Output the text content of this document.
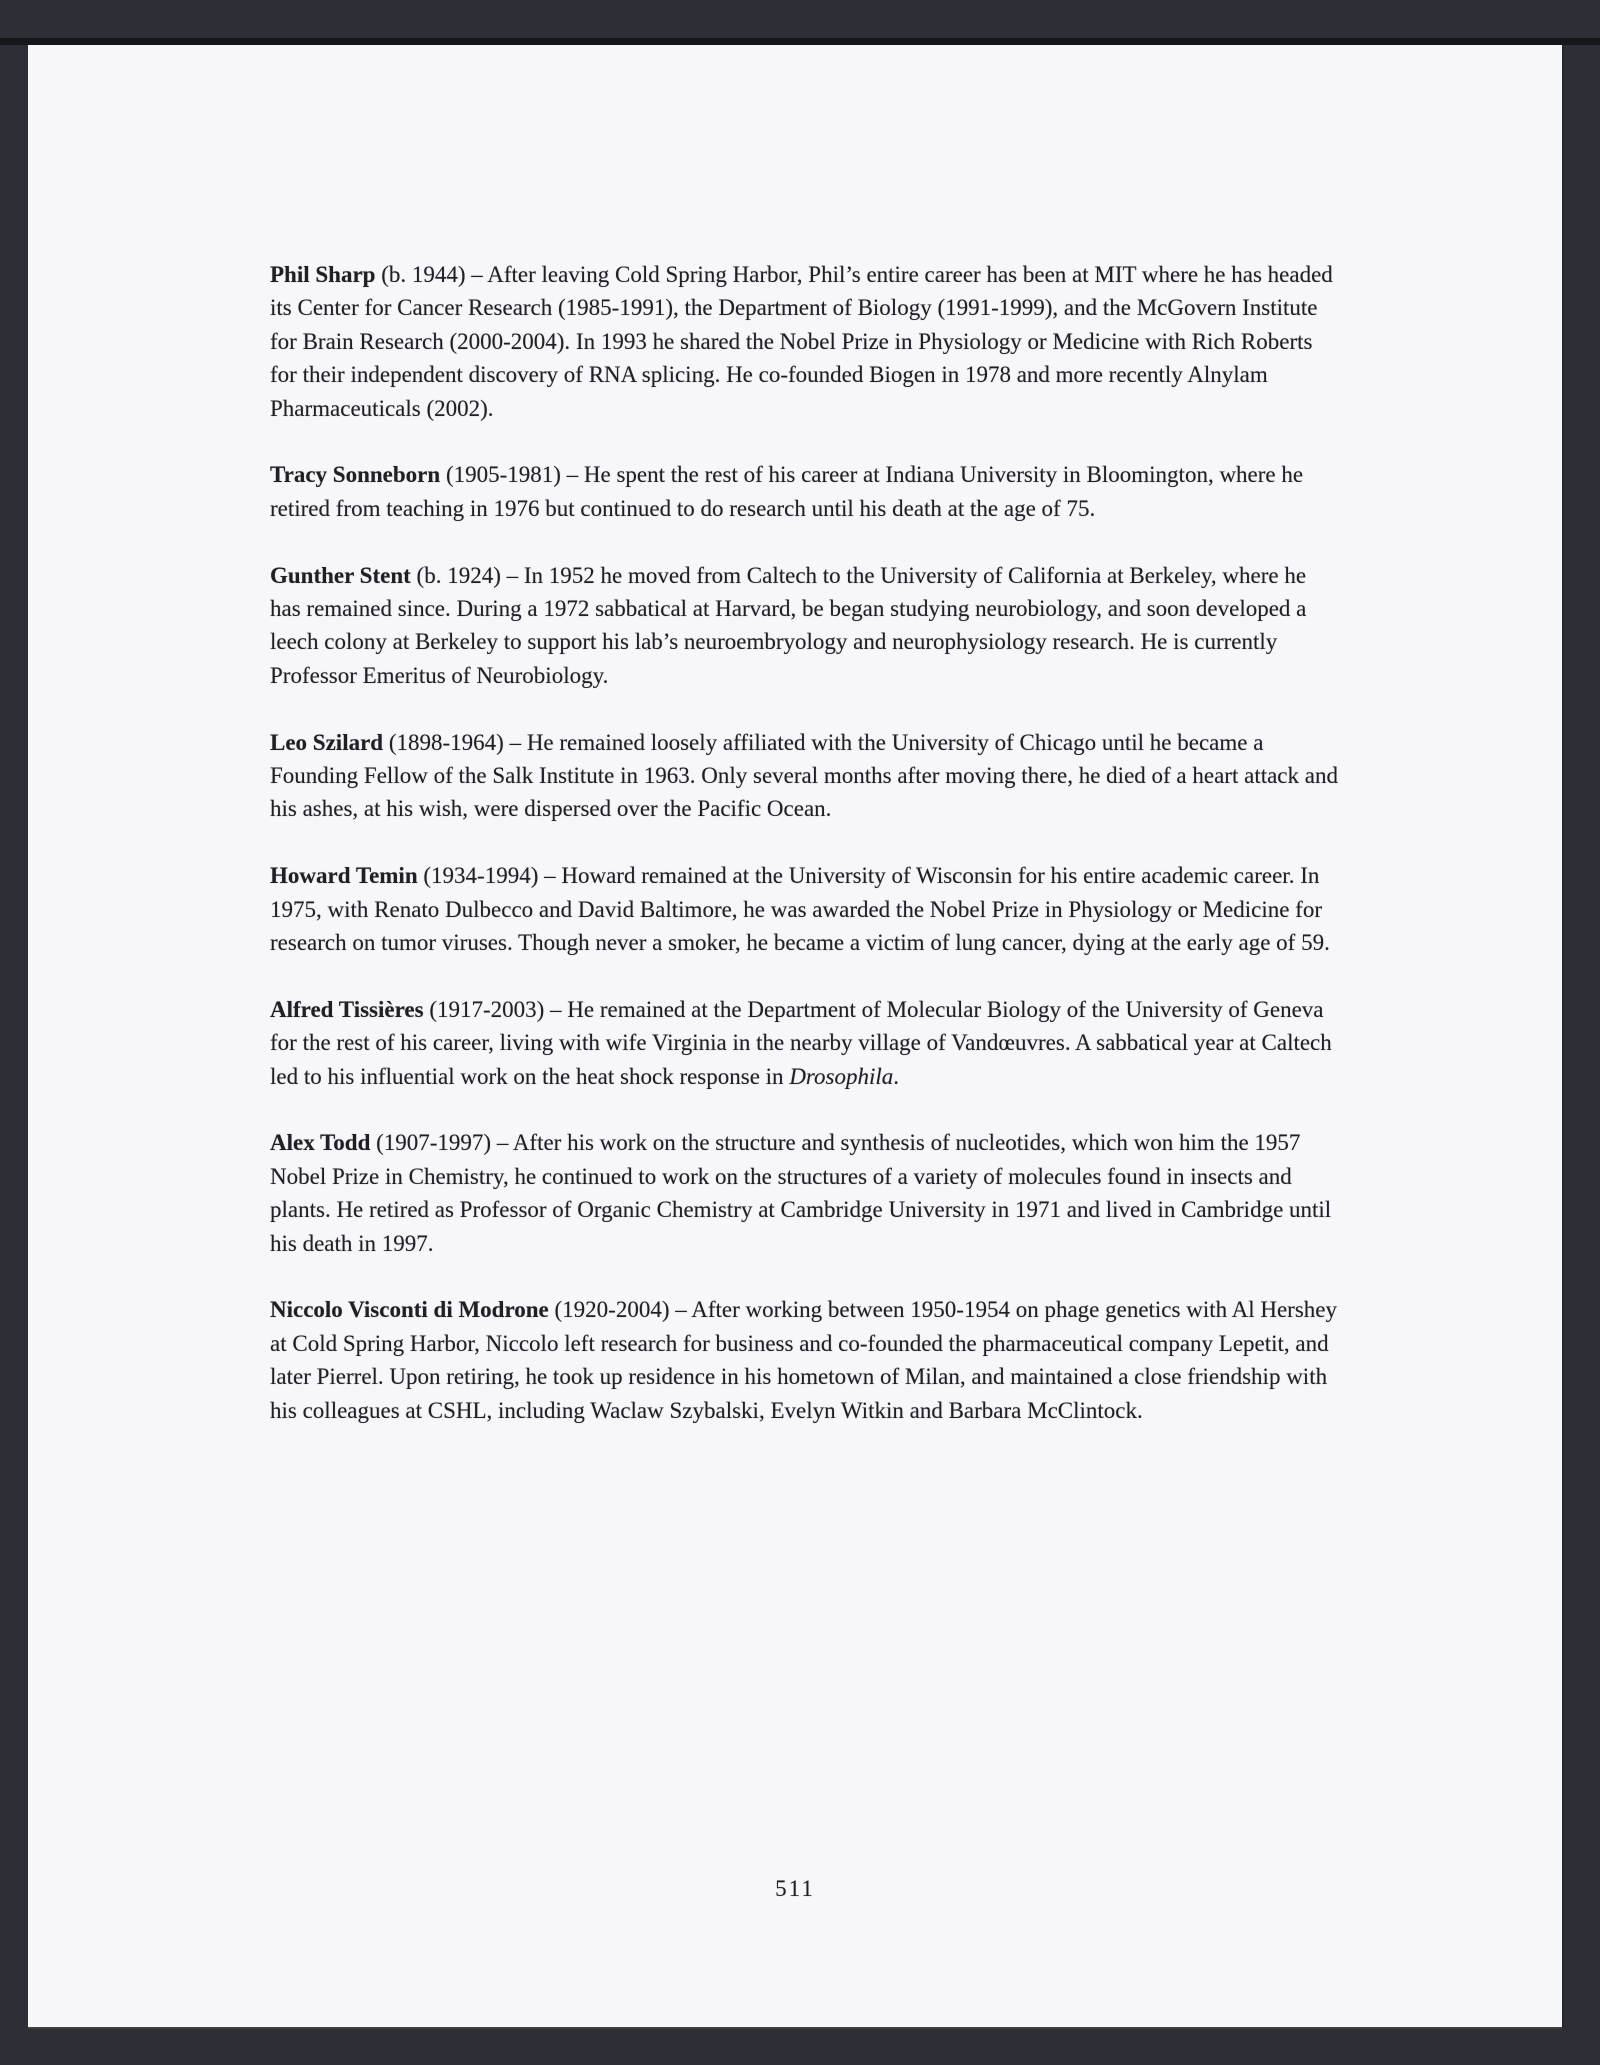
Phil Sharp (b. 1944) – After leaving Cold Spring Harbor, Phil’s entire career has been at MIT where he has headed its Center for Cancer Research (1985-1991), the Department of Biology (1991-1999), and the McGovern Institute for Brain Research (2000-2004). In 1993 he shared the Nobel Prize in Physiology or Medicine with Rich Roberts for their independent discovery of RNA splicing. He co-founded Biogen in 1978 and more recently Alnylam Pharmaceuticals (2002).

Tracy Sonneborn (1905-1981) – He spent the rest of his career at Indiana University in Bloomington, where he retired from teaching in 1976 but continued to do research until his death at the age of 75.

Gunther Stent (b. 1924) – In 1952 he moved from Caltech to the University of California at Berkeley, where he has remained since. During a 1972 sabbatical at Harvard, be began studying neurobiology, and soon developed a leech colony at Berkeley to support his lab’s neuroembryology and neurophysiology research. He is currently Professor Emeritus of Neurobiology.

Leo Szilard (1898-1964) – He remained loosely affiliated with the University of Chicago until he became a Founding Fellow of the Salk Institute in 1963. Only several months after moving there, he died of a heart attack and his ashes, at his wish, were dispersed over the Pacific Ocean.

Howard Temin (1934-1994) – Howard remained at the University of Wisconsin for his entire academic career. In 1975, with Renato Dulbecco and David Baltimore, he was awarded the Nobel Prize in Physiology or Medicine for research on tumor viruses. Though never a smoker, he became a victim of lung cancer, dying at the early age of 59.

Alfred Tissières (1917-2003) – He remained at the Department of Molecular Biology of the University of Geneva for the rest of his career, living with wife Virginia in the nearby village of Vandœuvres. A sabbatical year at Caltech led to his influential work on the heat shock response in Drosophila.

Alex Todd (1907-1997) – After his work on the structure and synthesis of nucleotides, which won him the 1957 Nobel Prize in Chemistry, he continued to work on the structures of a variety of molecules found in insects and plants. He retired as Professor of Organic Chemistry at Cambridge University in 1971 and lived in Cambridge until his death in 1997.

Niccolo Visconti di Modrone (1920-2004) – After working between 1950-1954 on phage genetics with Al Hershey at Cold Spring Harbor, Niccolo left research for business and co-founded the pharmaceutical company Lepetit, and later Pierrel. Upon retiring, he took up residence in his hometown of Milan, and maintained a close friendship with his colleagues at CSHL, including Waclaw Szybalski, Evelyn Witkin and Barbara McClintock.

511
